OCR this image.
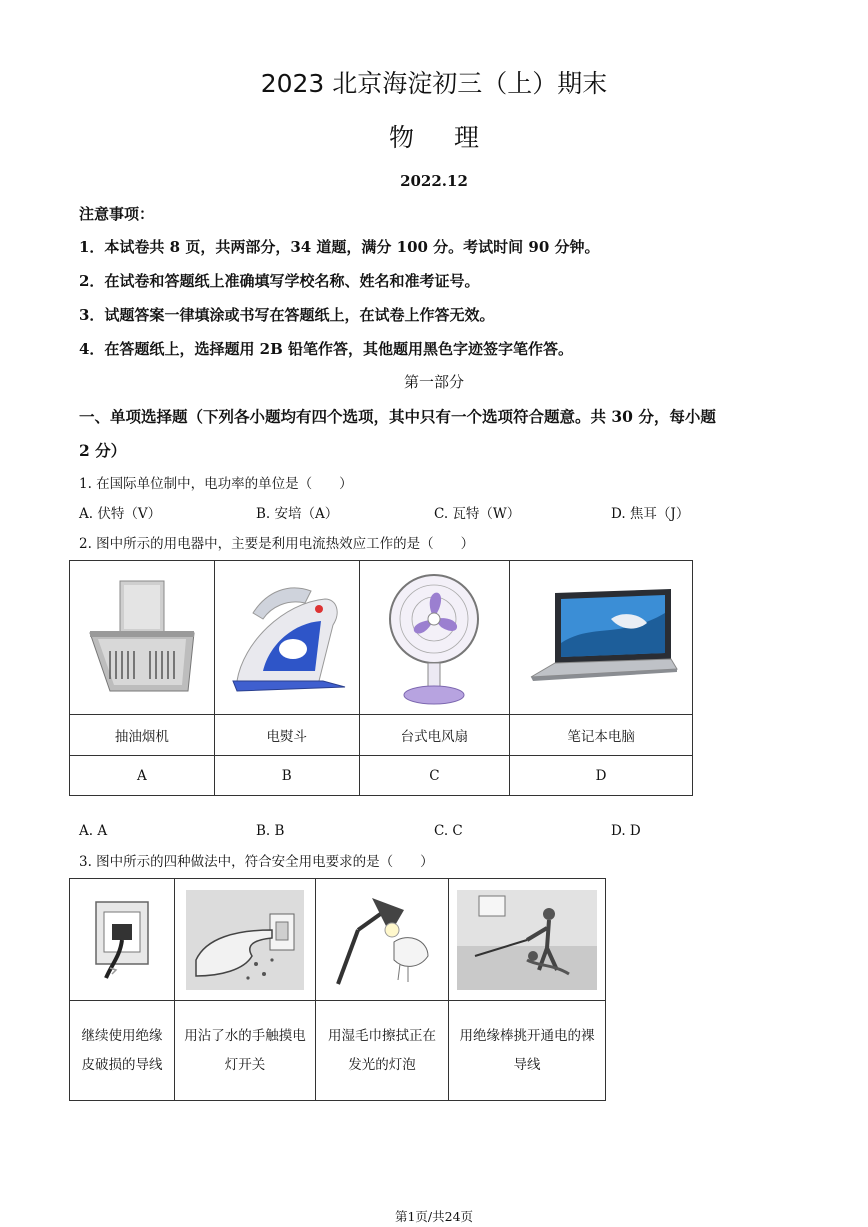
2023 北京海淀初三（上）期末
物理
2022.12
注意事项：
1．本试卷共 8 页，共两部分，34 道题，满分 100 分。考试时间 90 分钟。
2．在试卷和答题纸上准确填写学校名称、姓名和准考证号。
3．试题答案一律填涂或书写在答题纸上，在试卷上作答无效。
4．在答题纸上，选择题用 2B 铅笔作答，其他题用黑色字迹签字笔作答。
第一部分
一、单项选择题（下列各小题均有四个选项，其中只有一个选项符合题意。共 30 分，每小题
2 分）
1. 在国际单位制中，电功率的单位是（　　）
A. 伏特（V）	B. 安培（A）	C. 瓦特（W）	D. 焦耳（J）
2. 图中所示的用电器中，主要是利用电流热效应工作的是（　　）

抽油烟机	电熨斗	台式电风扇	笔记本电脑
A	B	C	D
A. A	B. B	C. C	D. D
3. 图中所示的四种做法中，符合安全用电要求的是（　　）

继续使用绝缘皮破损的导线	用沾了水的手触摸电灯开关	用湿毛巾擦拭正在发光的灯泡	用绝缘棒挑开通电的裸导线
第1页/共24页
